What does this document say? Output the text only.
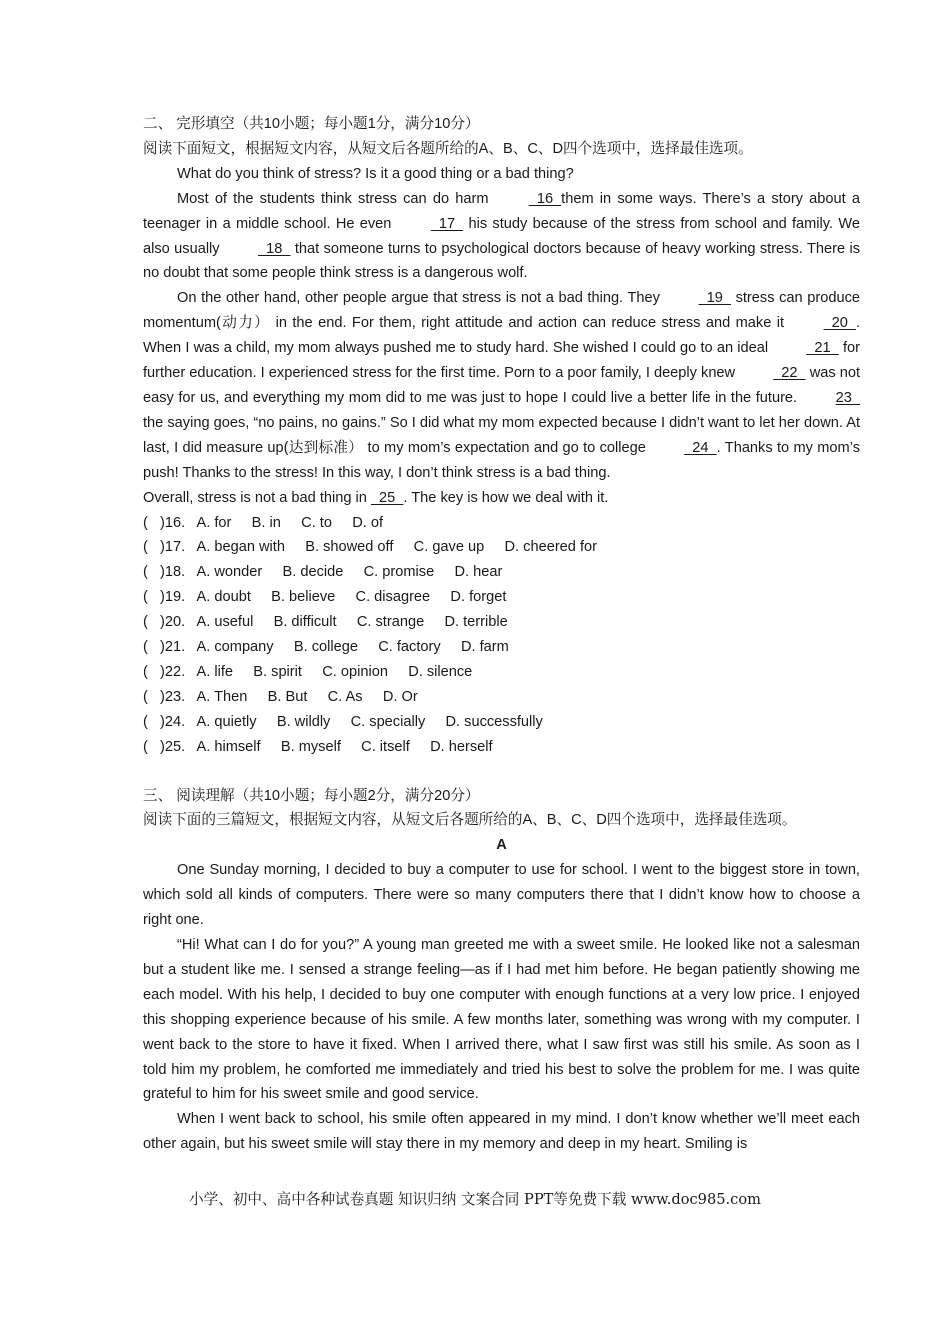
二、 完形填空（共10小题；每小题1分，满分10分）
阅读下面短文，根据短文内容，从短文后各题所给的A、B、C、D四个选项中，选择最佳选项。
What do you think of stress? Is it a good thing or a bad thing?
Most of the students think stress can do harm   16  them in some ways. There’s a story about a teenager in a middle school. He even   17   his study because of the stress from school and family. We also usually   18   that someone turns to psychological doctors because of heavy working stress. There is no doubt that some people think stress is a dangerous wolf.
On the other hand, other people argue that stress is not a bad thing. They   19   stress can produce momentum(动力） in the end. For them, right attitude and action can reduce stress and make it   20  . When I was a child, my mom always pushed me to study hard. She wished I could go to an ideal   21   for further education. I experienced stress for the first time. Porn to a poor family, I deeply knew   22   was not easy for us, and everything my mom did to me was just to hope I could live a better life in the future. 23   the saying goes, “no pains, no gains.” So I did what my mom expected because I didn’t want to let her down. At last, I did measure up(达到标准） to my mom’s expectation and go to college   24  . Thanks to my mom’s push! Thanks to the stress! In this way, I don’t think stress is a bad thing.
Overall, stress is not a bad thing in   25  . The key is how we deal with it.
(   )16.   A. for     B. in     C. to     D. of
(   )17.   A. began with     B. showed off     C. gave up     D. cheered for
(   )18.   A. wonder     B. decide     C. promise     D. hear
(   )19.   A. doubt     B. believe     C. disagree     D. forget
(   )20.   A. useful     B. difficult     C. strange     D. terrible
(   )21.   A. company     B. college     C. factory     D. farm
(   )22.   A. life     B. spirit     C. opinion     D. silence
(   )23.   A. Then     B. But     C. As     D. Or
(   )24.   A. quietly     B. wildly     C. specially     D. successfully
(   )25.   A. himself     B. myself     C. itself     D. herself
三、 阅读理解（共10小题；每小题2分，满分20分）
阅读下面的三篇短文，根据短文内容，从短文后各题所给的A、B、C、D四个选项中，选择最佳选项。
A
One Sunday morning, I decided to buy a computer to use for school. I went to the biggest store in town, which sold all kinds of computers. There were so many computers there that I didn’t know how to choose a right one.
“Hi! What can I do for you?” A young man greeted me with a sweet smile. He looked like not a salesman but a student like me. I sensed a strange feeling—as if I had met him before. He began patiently showing me each model. With his help, I decided to buy one computer with enough functions at a very low price. I enjoyed this shopping experience because of his smile. A few months later, something was wrong with my computer. I went back to the store to have it fixed. When I arrived there, what I saw first was still his smile. As soon as I told him my problem, he comforted me immediately and tried his best to solve the problem for me. I was quite grateful to him for his sweet smile and good service.
When I went back to school, his smile often appeared in my mind. I don’t know whether we’ll meet each other again, but his sweet smile will stay there in my memory and deep in my heart. Smiling is
小学、初中、高中各种试卷真题 知识归纳 文案合同 PPT等免费下载 www.doc985.com
